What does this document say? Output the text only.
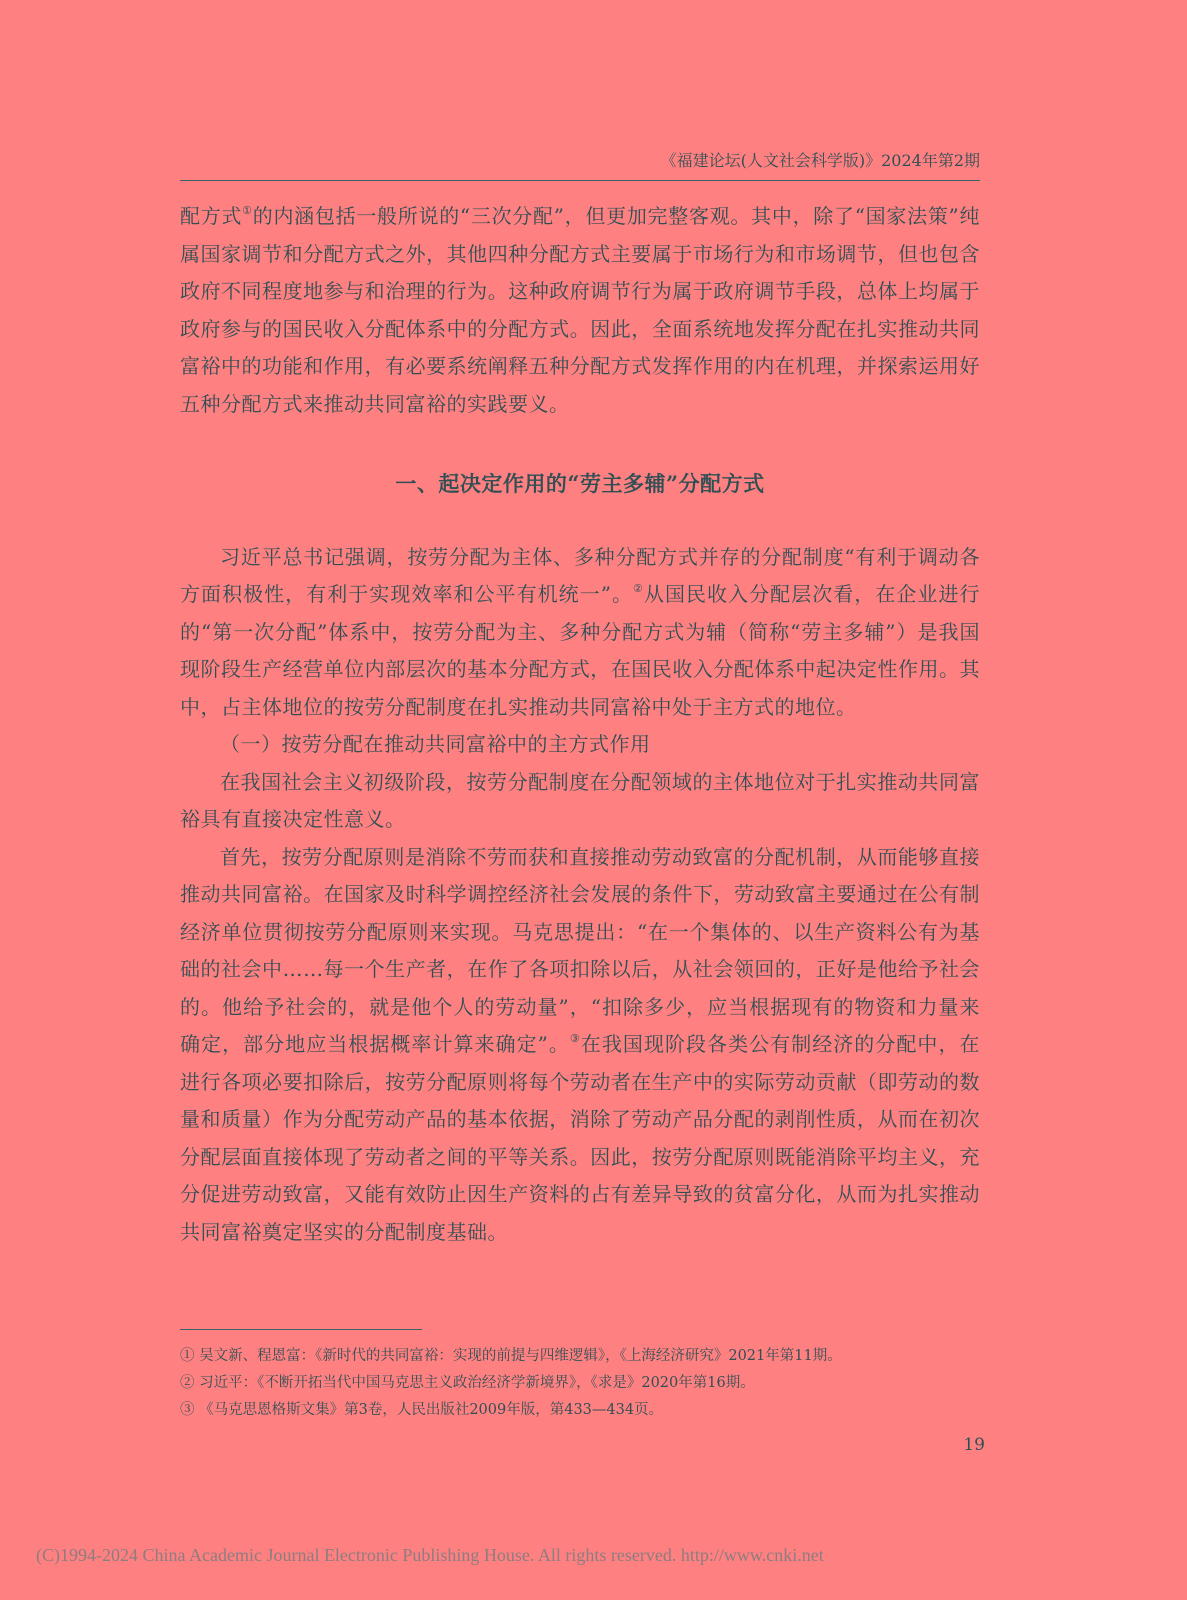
《福建论坛(人文社会科学版)》2024年第2期

配方式①的内涵包括一般所说的“三次分配”，但更加完整客观。其中，除了“国家法策”纯属国家调节和分配方式之外，其他四种分配方式主要属于市场行为和市场调节，但也包含政府不同程度地参与和治理的行为。这种政府调节行为属于政府调节手段，总体上均属于政府参与的国民收入分配体系中的分配方式。因此，全面系统地发挥分配在扎实推动共同富裕中的功能和作用，有必要系统阐释五种分配方式发挥作用的内在机理，并探索运用好五种分配方式来推动共同富裕的实践要义。

一、起决定作用的“劳主多辅”分配方式

习近平总书记强调，按劳分配为主体、多种分配方式并存的分配制度“有利于调动各方面积极性，有利于实现效率和公平有机统一”。②从国民收入分配层次看，在企业进行的“第一次分配”体系中，按劳分配为主、多种分配方式为辅（简称“劳主多辅”）是我国现阶段生产经营单位内部层次的基本分配方式，在国民收入分配体系中起决定性作用。其中，占主体地位的按劳分配制度在扎实推动共同富裕中处于主方式的地位。

（一）按劳分配在推动共同富裕中的主方式作用

在我国社会主义初级阶段，按劳分配制度在分配领域的主体地位对于扎实推动共同富裕具有直接决定性意义。

首先，按劳分配原则是消除不劳而获和直接推动劳动致富的分配机制，从而能够直接推动共同富裕。在国家及时科学调控经济社会发展的条件下，劳动致富主要通过在公有制经济单位贯彻按劳分配原则来实现。马克思提出：“在一个集体的、以生产资料公有为基础的社会中……每一个生产者，在作了各项扣除以后，从社会领回的，正好是他给予社会的。他给予社会的，就是他个人的劳动量”，“扣除多少，应当根据现有的物资和力量来确定，部分地应当根据概率计算来确定”。③在我国现阶段各类公有制经济的分配中，在进行各项必要扣除后，按劳分配原则将每个劳动者在生产中的实际劳动贡献（即劳动的数量和质量）作为分配劳动产品的基本依据，消除了劳动产品分配的剥削性质，从而在初次分配层面直接体现了劳动者之间的平等关系。因此，按劳分配原则既能消除平均主义，充分促进劳动致富，又能有效防止因生产资料的占有差异导致的贫富分化，从而为扎实推动共同富裕奠定坚实的分配制度基础。

① 吴文新、程恩富：《新时代的共同富裕：实现的前提与四维逻辑》，《上海经济研究》2021年第11期。
② 习近平：《不断开拓当代中国马克思主义政治经济学新境界》，《求是》2020年第16期。
③ 《马克思恩格斯文集》第3卷，人民出版社2009年版，第433—434页。
19
(C)1994-2024 China Academic Journal Electronic Publishing House. All rights reserved. http://www.cnki.net
